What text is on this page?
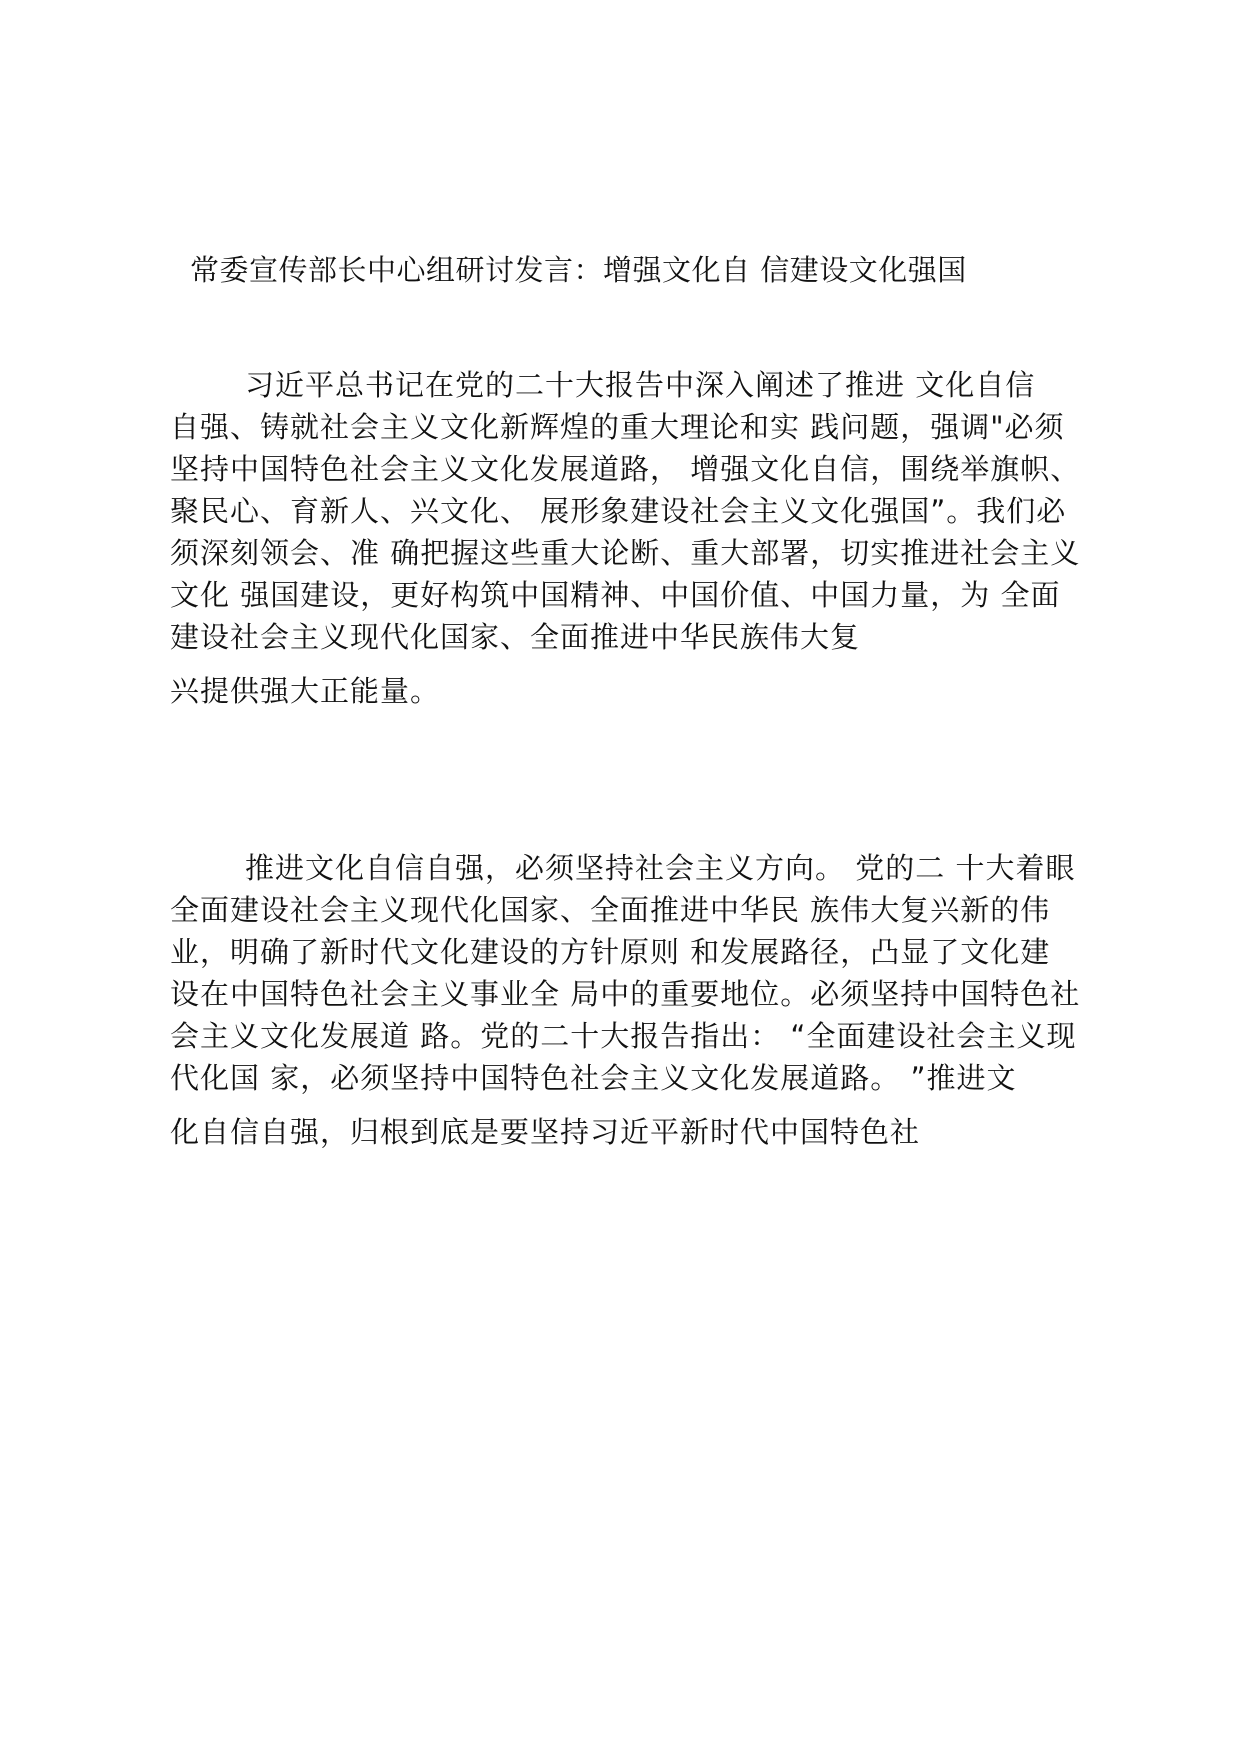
常委宣传部长中心组研讨发言：增强文化自 信建设文化强国
习近平总书记在党的二十大报告中深入阐述了推进 文化自信
自强、铸就社会主义文化新辉煌的重大理论和实 践问题，强调"必须
坚持中国特色社会主义文化发展道路， 增强文化自信，围绕举旗帜、
聚民心、育新人、兴文化、 展形象建设社会主义文化强国”。我们必
须深刻领会、准 确把握这些重大论断、重大部署，切实推进社会主义
文化 强国建设，更好构筑中国精神、中国价值、中国力量，为 全面
建设社会主义现代化国家、全面推进中华民族伟大复
兴提供强大正能量。
推进文化自信自强，必须坚持社会主义方向。 党的二 十大着眼
全面建设社会主义现代化国家、全面推进中华民 族伟大复兴新的伟
业，明确了新时代文化建设的方针原则 和发展路径，凸显了文化建
设在中国特色社会主义事业全 局中的重要地位。必须坚持中国特色社
会主义文化发展道 路。党的二十大报告指出： “全面建设社会主义现
代化国 家，必须坚持中国特色社会主义文化发展道路。 ”推进文
化自信自强，归根到底是要坚持习近平新时代中国特色社
